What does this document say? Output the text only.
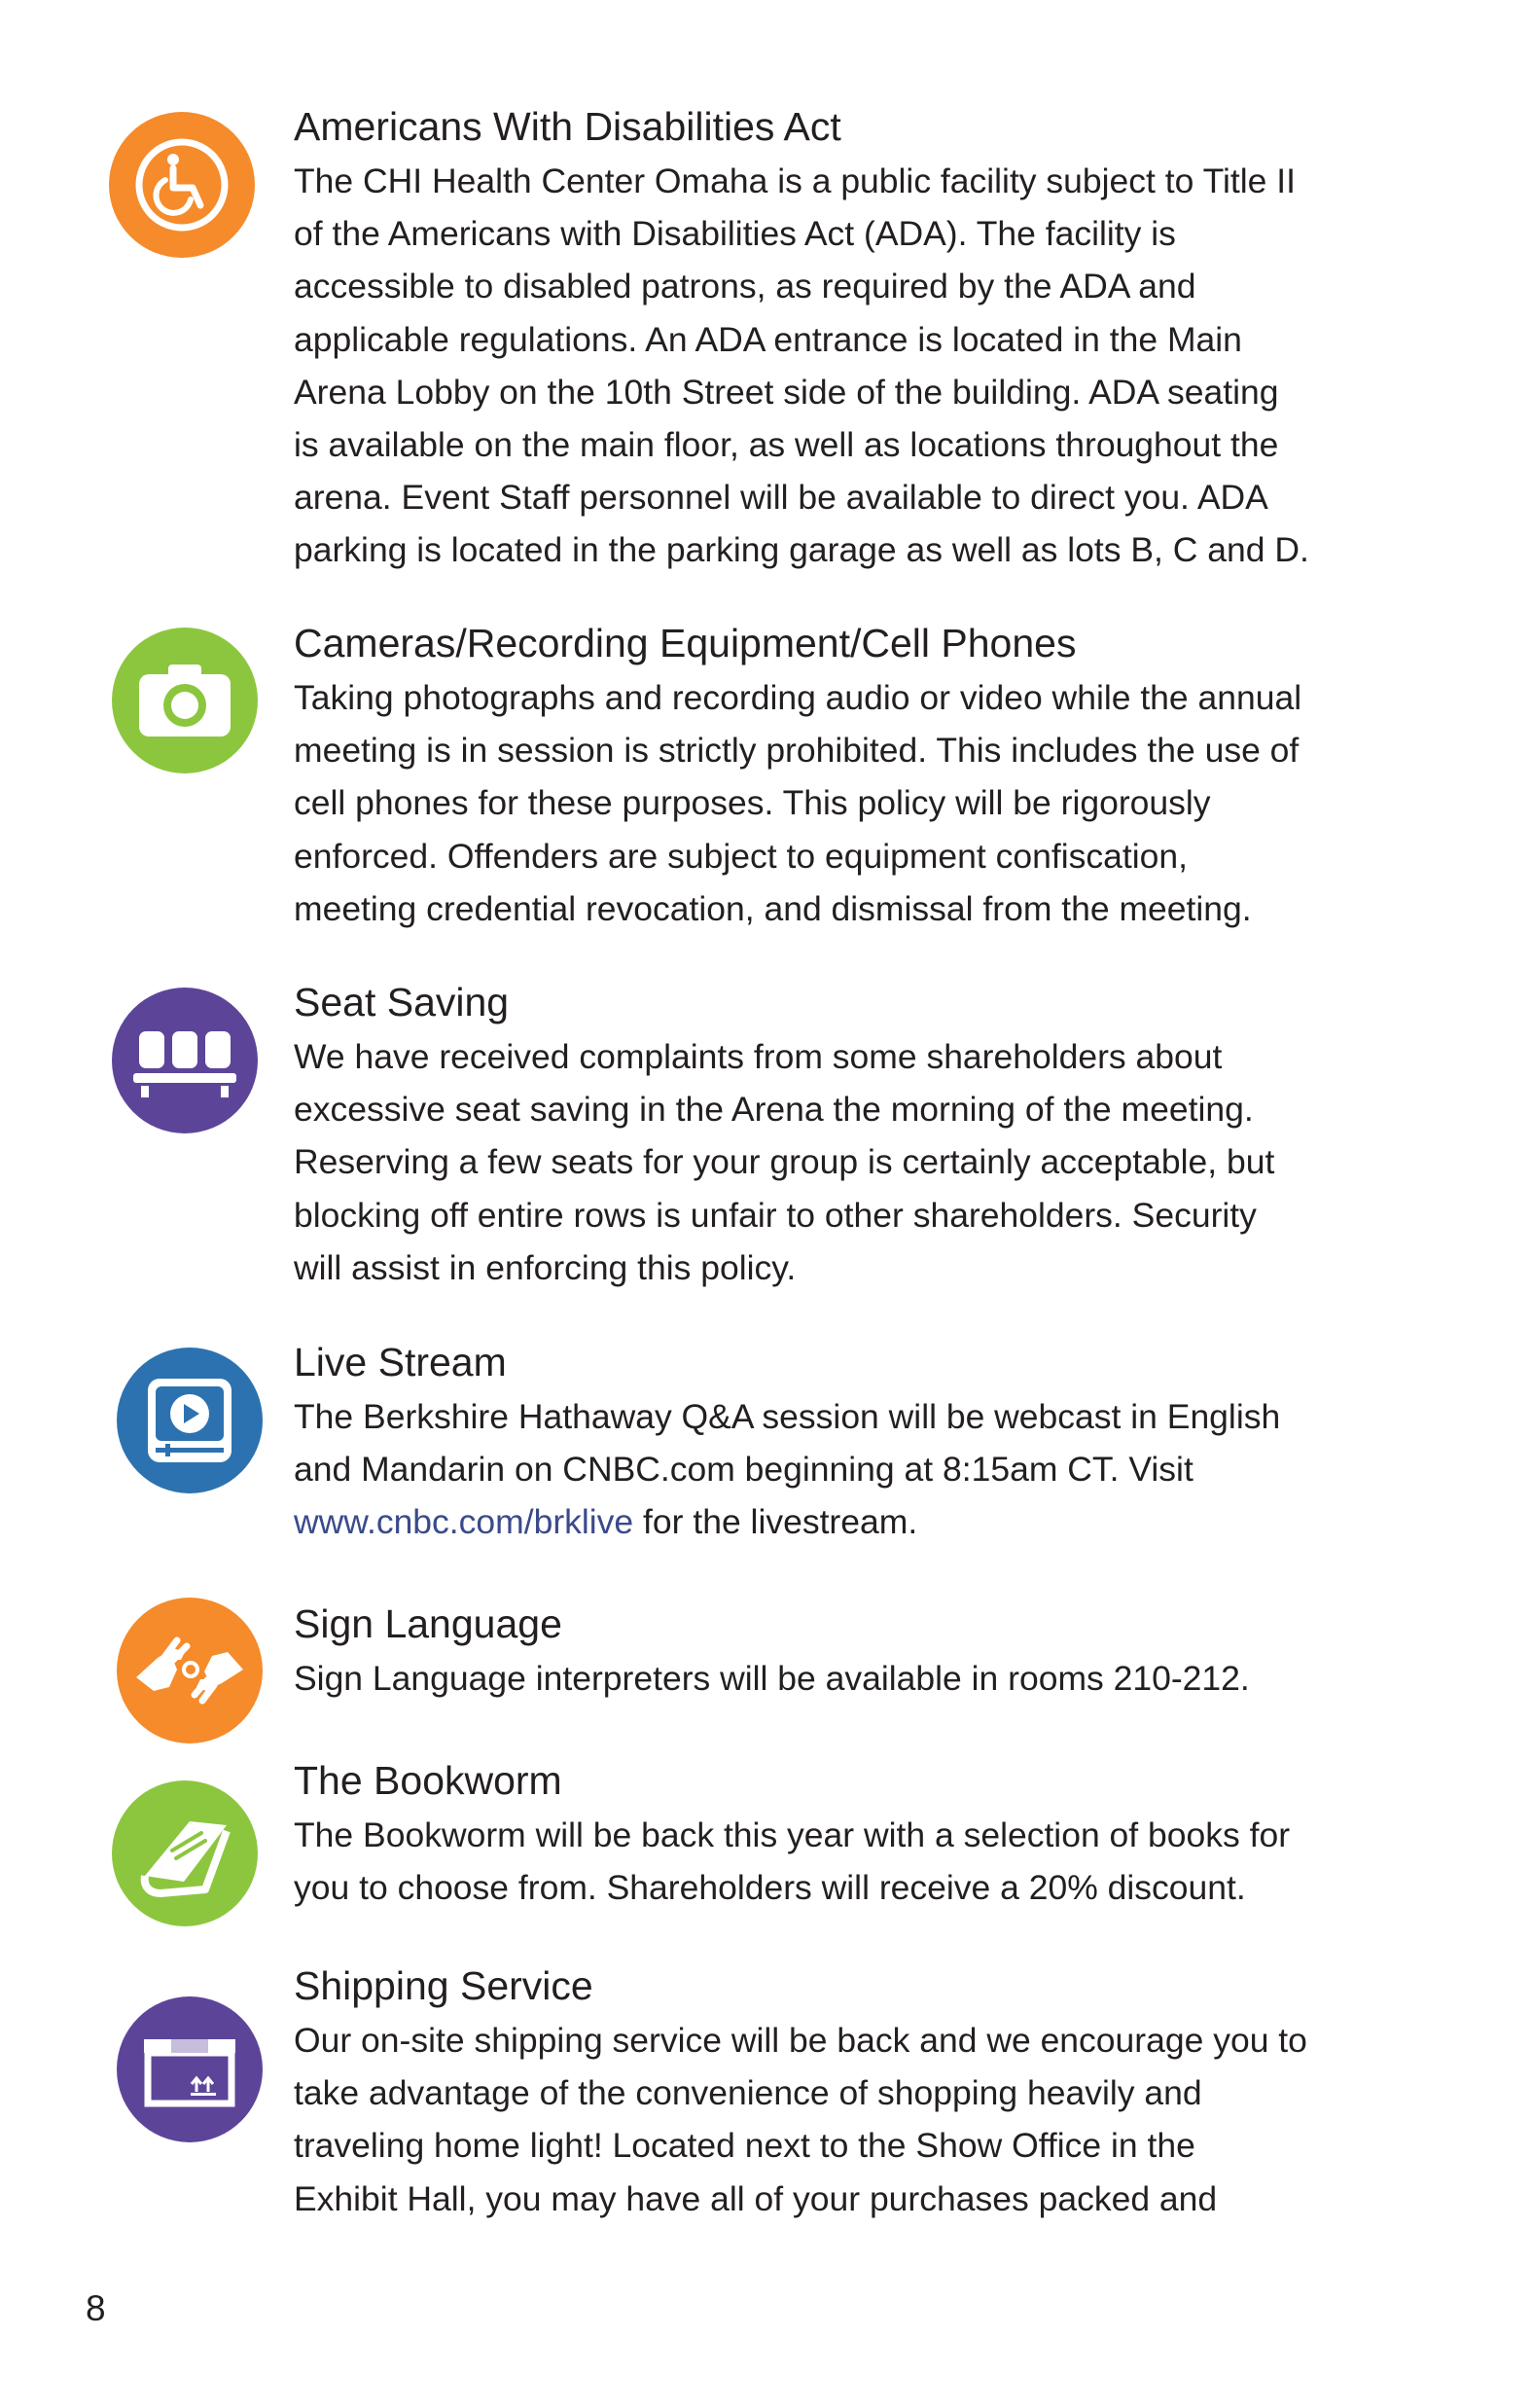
Americans With Disabilities Act
The CHI Health Center Omaha is a public facility subject to Title II
of the Americans with Disabilities Act (ADA). The facility is
accessible to disabled patrons, as required by the ADA and
applicable regulations. An ADA entrance is located in the Main
Arena Lobby on the 10th Street side of the building. ADA seating
is available on the main floor, as well as locations throughout the
arena. Event Staff personnel will be available to direct you. ADA
parking is located in the parking garage as well as lots B, C and D.
Cameras/Recording Equipment/Cell Phones
Taking photographs and recording audio or video while the annual
meeting is in session is strictly prohibited. This includes the use of
cell phones for these purposes. This policy will be rigorously
enforced. Offenders are subject to equipment confiscation,
meeting credential revocation, and dismissal from the meeting.
Seat Saving
We have received complaints from some shareholders about
excessive seat saving in the Arena the morning of the meeting.
Reserving a few seats for your group is certainly acceptable, but
blocking off entire rows is unfair to other shareholders. Security
will assist in enforcing this policy.
Live Stream
The Berkshire Hathaway Q&A session will be webcast in English
and Mandarin on CNBC.com beginning at 8:15am CT. Visit
www.cnbc.com/brklive for the livestream.
Sign Language
Sign Language interpreters will be available in rooms 210-212.
The Bookworm
The Bookworm will be back this year with a selection of books for
you to choose from. Shareholders will receive a 20% discount.
Shipping Service
Our on-site shipping service will be back and we encourage you to
take advantage of the convenience of shopping heavily and
traveling home light! Located next to the Show Office in the
Exhibit Hall, you may have all of your purchases packed and
8
